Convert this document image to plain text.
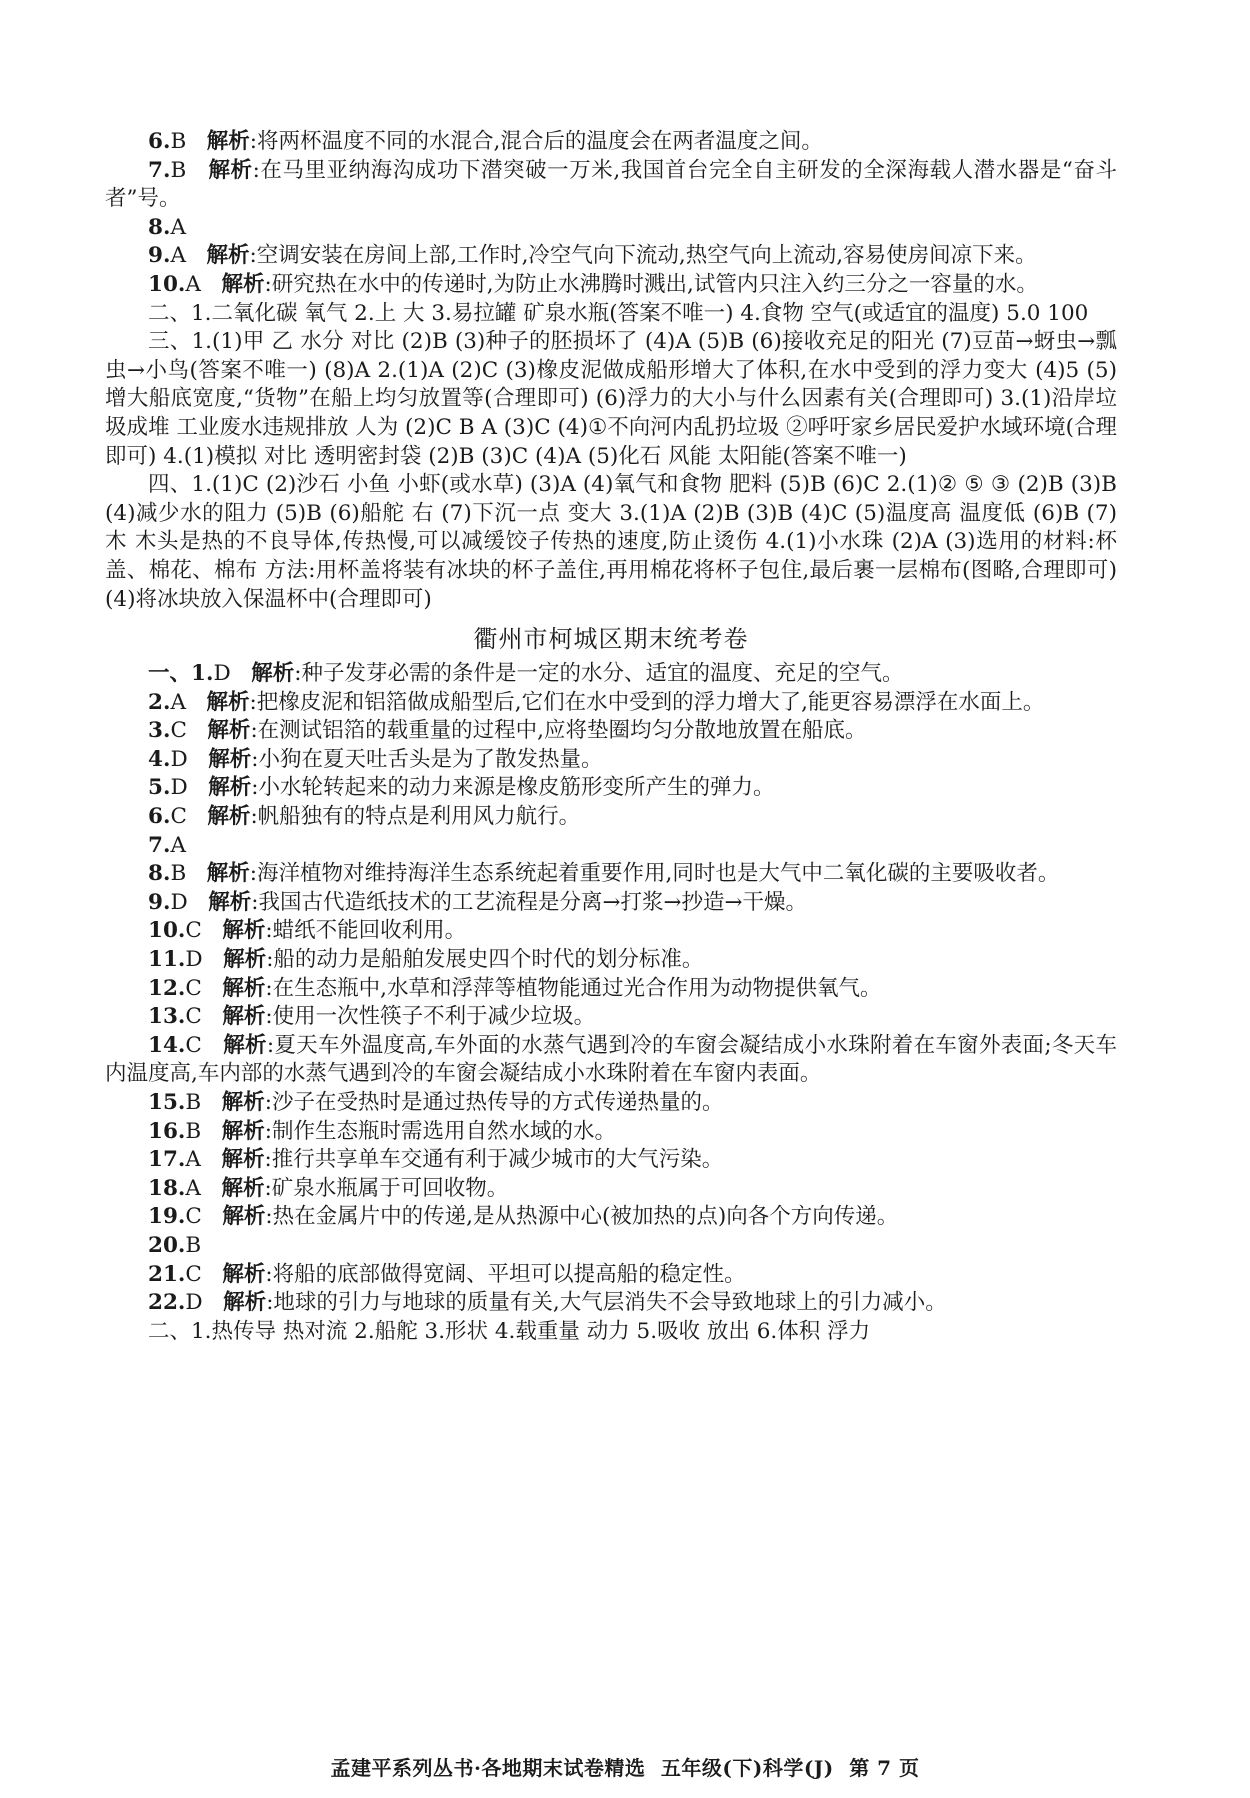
6.B 解析:将两杯温度不同的水混合,混合后的温度会在两者温度之间。

7.B 解析:在马里亚纳海沟成功下潜突破一万米,我国首台完全自主研发的全深海载人潜水器是“奋斗者”号。

8.A

9.A 解析:空调安装在房间上部,工作时,冷空气向下流动,热空气向上流动,容易使房间凉下来。

10.A 解析:研究热在水中的传递时,为防止水沸腾时溅出,试管内只注入约三分之一容量的水。

二、1.二氧化碳 氧气 2.上 大 3.易拉罐 矿泉水瓶(答案不唯一) 4.食物 空气(或适宜的温度) 5.0 100

三、1.(1)甲 乙 水分 对比 (2)B (3)种子的胚损坏了 (4)A (5)B (6)接收充足的阳光 (7)豆苗→蚜虫→瓢虫→小鸟(答案不唯一) (8)A 2.(1)A (2)C (3)橡皮泥做成船形增大了体积,在水中受到的浮力变大 (4)5 (5)增大船底宽度,“货物”在船上均匀放置等(合理即可) (6)浮力的大小与什么因素有关(合理即可) 3.(1)沿岸垃圾成堆 工业废水违规排放 人为 (2)C B A (3)C (4)①不向河内乱扔垃圾 ②呼吁家乡居民爱护水域环境(合理即可) 4.(1)模拟 对比 透明密封袋 (2)B (3)C (4)A (5)化石 风能 太阳能(答案不唯一)

四、1.(1)C (2)沙石 小鱼 小虾(或水草) (3)A (4)氧气和食物 肥料 (5)B (6)C 2.(1)② ⑤ ③ (2)B (3)B (4)减少水的阻力 (5)B (6)船舵 右 (7)下沉一点 变大 3.(1)A (2)B (3)B (4)C (5)温度高 温度低 (6)B (7)木 木头是热的不良导体,传热慢,可以减缓饺子传热的速度,防止烫伤 4.(1)小水珠 (2)A (3)选用的材料:杯盖、棉花、棉布 方法:用杯盖将装有冰块的杯子盖住,再用棉花将杯子包住,最后裹一层棉布(图略,合理即可) (4)将冰块放入保温杯中(合理即可)

衢州市柯城区期末统考卷

一、1.D 解析:种子发芽必需的条件是一定的水分、适宜的温度、充足的空气。

2.A 解析:把橡皮泥和铝箔做成船型后,它们在水中受到的浮力增大了,能更容易漂浮在水面上。

3.C 解析:在测试铝箔的载重量的过程中,应将垫圈均匀分散地放置在船底。

4.D 解析:小狗在夏天吐舌头是为了散发热量。

5.D 解析:小水轮转起来的动力来源是橡皮筋形变所产生的弹力。

6.C 解析:帆船独有的特点是利用风力航行。

7.A

8.B 解析:海洋植物对维持海洋生态系统起着重要作用,同时也是大气中二氧化碳的主要吸收者。

9.D 解析:我国古代造纸技术的工艺流程是分离→打浆→抄造→干燥。

10.C 解析:蜡纸不能回收利用。

11.D 解析:船的动力是船舶发展史四个时代的划分标准。

12.C 解析:在生态瓶中,水草和浮萍等植物能通过光合作用为动物提供氧气。

13.C 解析:使用一次性筷子不利于减少垃圾。

14.C 解析:夏天车外温度高,车外面的水蒸气遇到冷的车窗会凝结成小水珠附着在车窗外表面;冬天车内温度高,车内部的水蒸气遇到冷的车窗会凝结成小水珠附着在车窗内表面。

15.B 解析:沙子在受热时是通过热传导的方式传递热量的。

16.B 解析:制作生态瓶时需选用自然水域的水。

17.A 解析:推行共享单车交通有利于减少城市的大气污染。

18.A 解析:矿泉水瓶属于可回收物。

19.C 解析:热在金属片中的传递,是从热源中心(被加热的点)向各个方向传递。

20.B

21.C 解析:将船的底部做得宽阔、平坦可以提高船的稳定性。

22.D 解析:地球的引力与地球的质量有关,大气层消失不会导致地球上的引力减小。

二、1.热传导 热对流 2.船舵 3.形状 4.载重量 动力 5.吸收 放出 6.体积 浮力

孟建平系列丛书·各地期末试卷精选 五年级(下)科学(J) 第 7 页
